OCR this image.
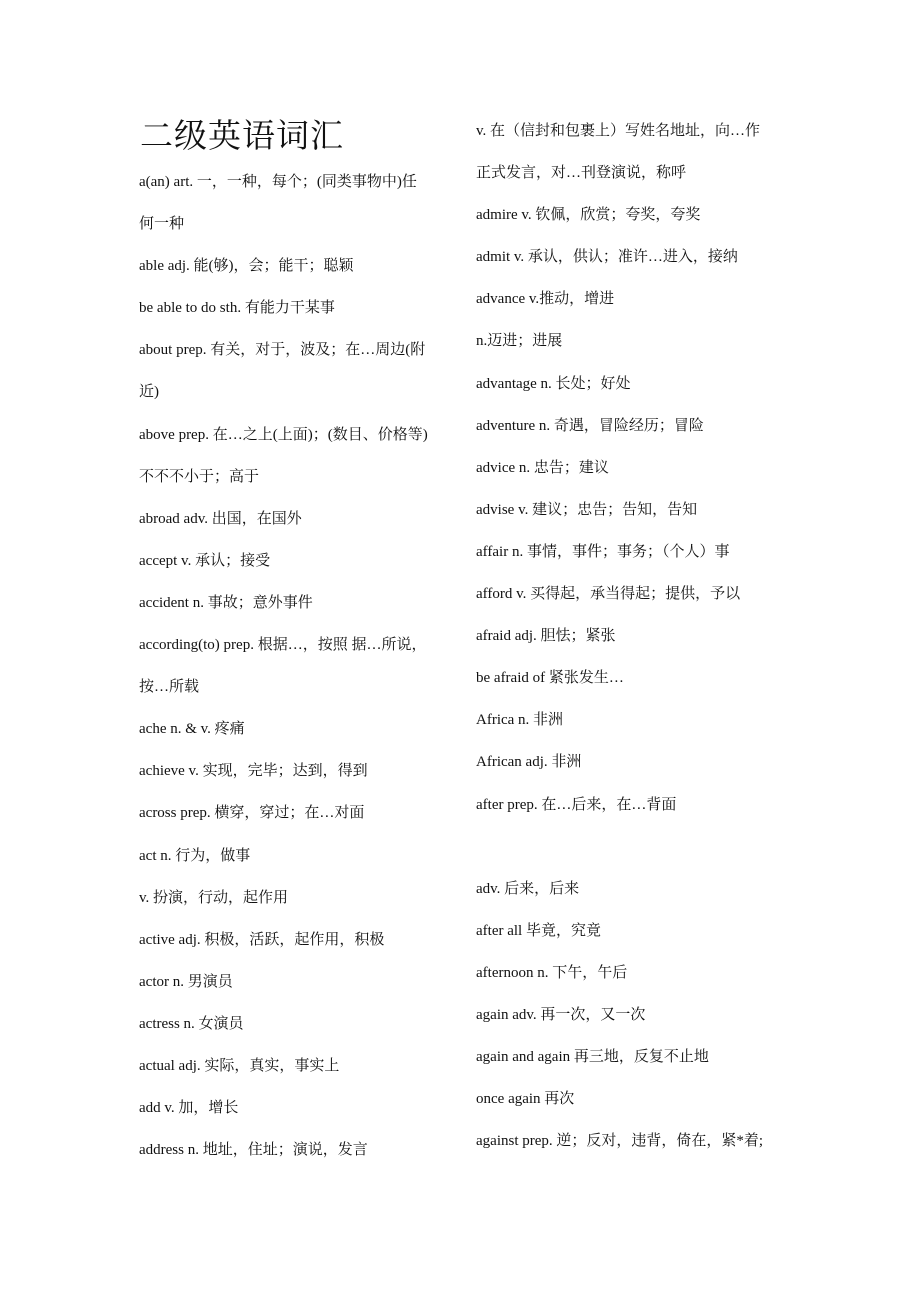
二级英语词汇
a(an) art. 一，一种，每个；(同类事物中)任
何一种
able adj. 能(够)，会；能干；聪颖
be able to do sth. 有能力干某事
about prep. 有关，对于，波及；在…周边(附
近)
above prep. 在…之上(上面)；(数目、价格等)
不不不小于；高于
abroad adv. 出国，在国外
accept v. 承认；接受
accident n. 事故；意外事件
according(to) prep. 根据…，按照 据…所说，
按…所载
ache n. & v. 疼痛
achieve v. 实现，完毕；达到，得到
across prep. 横穿，穿过；在…对面
act n. 行为，做事
v. 扮演，行动，起作用
active adj. 积极，活跃，起作用，积极
actor n. 男演员
actress n. 女演员
actual adj. 实际，真实，事实上
add v. 加，增长
address n. 地址，住址；演说，发言
v. 在（信封和包裹上）写姓名地址，向…作
正式发言，对…刊登演说，称呼
admire v. 钦佩，欣赏；夸奖，夸奖
admit v. 承认，供认；准许…进入，接纳
advance v.推动，增进
n.迈进；进展
advantage n. 长处；好处
adventure n. 奇遇，冒险经历；冒险
advice n. 忠告；建议
advise v. 建议；忠告；告知，告知
affair n. 事情，事件；事务；（个人）事
afford v. 买得起，承当得起；提供，予以
afraid adj. 胆怯；紧张
be afraid of 紧张发生…
Africa n. 非洲
African adj. 非洲
after prep. 在…后来，在…背面
adv. 后来，后来
after all 毕竟，究竟
afternoon n. 下午，午后
again adv. 再一次，又一次
again and again 再三地，反复不止地
once again 再次
against prep. 逆；反对，违背，倚在，紧*着;
